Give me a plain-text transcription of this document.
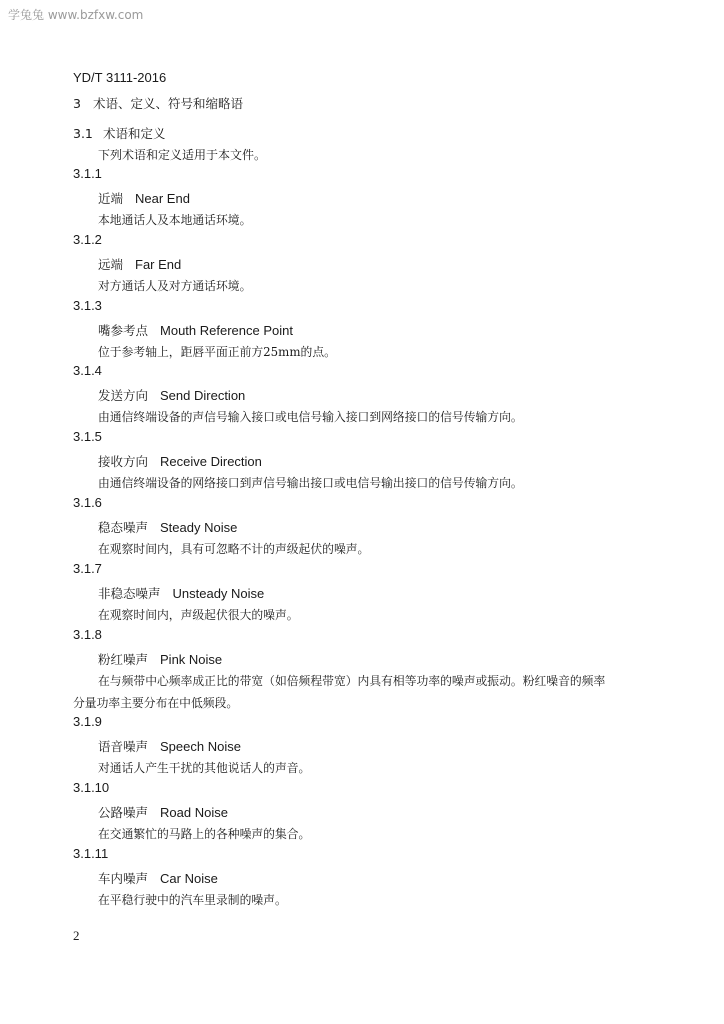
学兔兔 www.bzfxw.com
YD/T 3111-2016
3 术语、定义、符号和缩略语
3.1 术语和定义
下列术语和定义适用于本文件。
3.1.1
近端 Near End
本地通话人及本地通话环境。
3.1.2
远端 Far End
对方通话人及对方通话环境。
3.1.3
嘴参考点 Mouth Reference Point
位于参考轴上，距唇平面正前方25mm的点。
3.1.4
发送方向 Send Direction
由通信终端设备的声信号输入接口或电信号输入接口到网络接口的信号传输方向。
3.1.5
接收方向 Receive Direction
由通信终端设备的网络接口到声信号输出接口或电信号输出接口的信号传输方向。
3.1.6
稳态噪声 Steady Noise
在观察时间内，具有可忽略不计的声级起伏的噪声。
3.1.7
非稳态噪声 Unsteady Noise
在观察时间内，声级起伏很大的噪声。
3.1.8
粉红噪声 Pink Noise
在与频带中心频率成正比的带宽（如倍频程带宽）内具有相等功率的噪声或振动。粉红噪音的频率
分量功率主要分布在中低频段。
3.1.9
语音噪声 Speech Noise
对通话人产生干扰的其他说话人的声音。
3.1.10
公路噪声 Road Noise
在交通繁忙的马路上的各种噪声的集合。
3.1.11
车内噪声 Car Noise
在平稳行驶中的汽车里录制的噪声。
2
